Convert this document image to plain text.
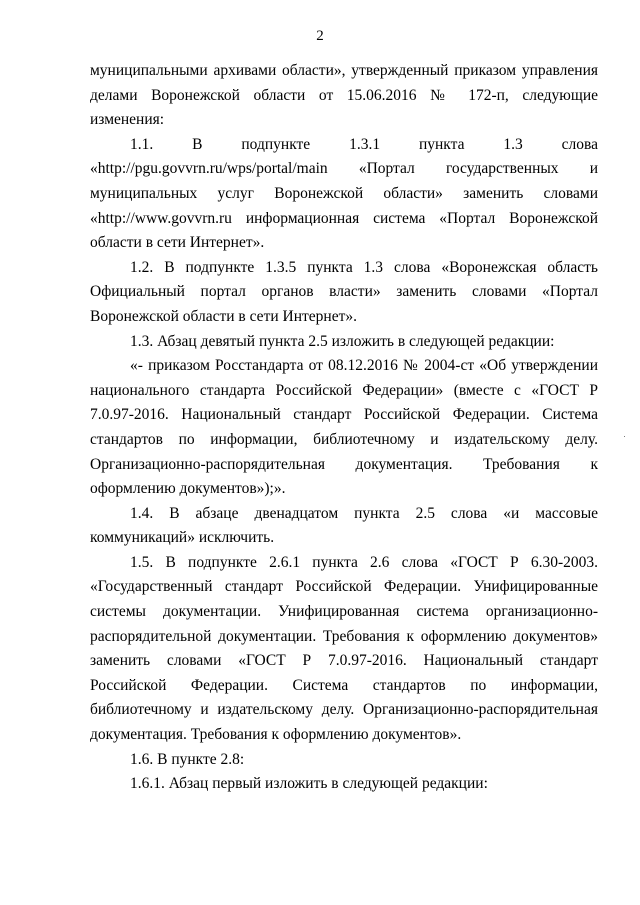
2

муниципальными архивами области», утвержденный приказом управления делами Воронежской области от 15.06.2016 № 172-п, следующие изменения:

1.1. В подпункте 1.3.1 пункта 1.3 слова «http://pgu.govvrn.ru/wps/portal/main «Портал государственных и муниципальных услуг Воронежской области» заменить словами «http://www.govvrn.ru информационная система «Портал Воронежской области в сети Интернет».

1.2. В подпункте 1.3.5 пункта 1.3 слова «Воронежская область Официальный портал органов власти» заменить словами «Портал Воронежской области в сети Интернет».

1.3. Абзац девятый пункта 2.5 изложить в следующей редакции:

«- приказом Росстандарта от 08.12.2016 № 2004-ст «Об утверждении национального стандарта Российской Федерации» (вместе с «ГОСТ Р 7.0.97-2016. Национальный стандарт Российской Федерации. Система стандартов по информации, библиотечному и издательскому делу. Организационно-распорядительная документация. Требования к оформлению документов»);».

1.4. В абзаце двенадцатом пункта 2.5 слова «и массовые коммуникаций» исключить.

1.5. В подпункте 2.6.1 пункта 2.6 слова «ГОСТ Р 6.30-2003. «Государственный стандарт Российской Федерации. Унифицированные системы документации. Унифицированная система организационно-распорядительной документации. Требования к оформлению документов» заменить словами «ГОСТ Р 7.0.97-2016. Национальный стандарт Российской Федерации. Система стандартов по информации, библиотечному и издательскому делу. Организационно-распорядительная документация. Требования к оформлению документов».

1.6. В пункте 2.8:

1.6.1. Абзац первый изложить в следующей редакции:
